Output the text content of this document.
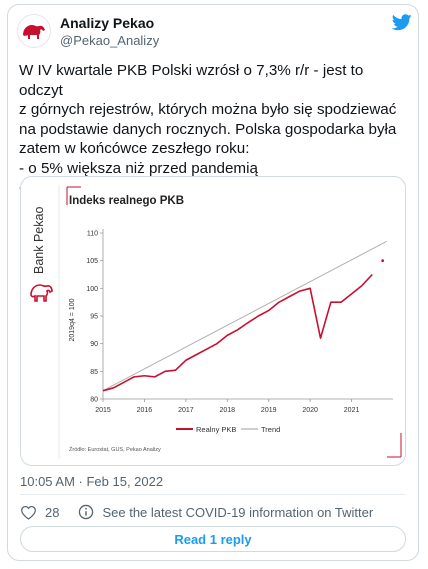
Analizy Pekao
@Pekao_Analizy
W IV kwartale PKB Polski wzrósł o 7,3% r/r - jest to odczyt
z górnych rejestrów, których można było się spodziewać
na podstawie danych rocznych. Polska gospodarka była
zatem w końcówce zeszłego roku:
- o 5% większa niż przed pandemią

Bank Pekao
Indeks realnego PKB
2019q4 = 100
80
85
90
95
100
105
110
2015	2016	2017	2018	2019	2020	2021
Realny PKB	Trend
Źródło: Eurostat, GUS, Pekao Analizy
10:05 AM · Feb 15, 2022
28	See the latest COVID-19 information on Twitter
Read 1 reply
